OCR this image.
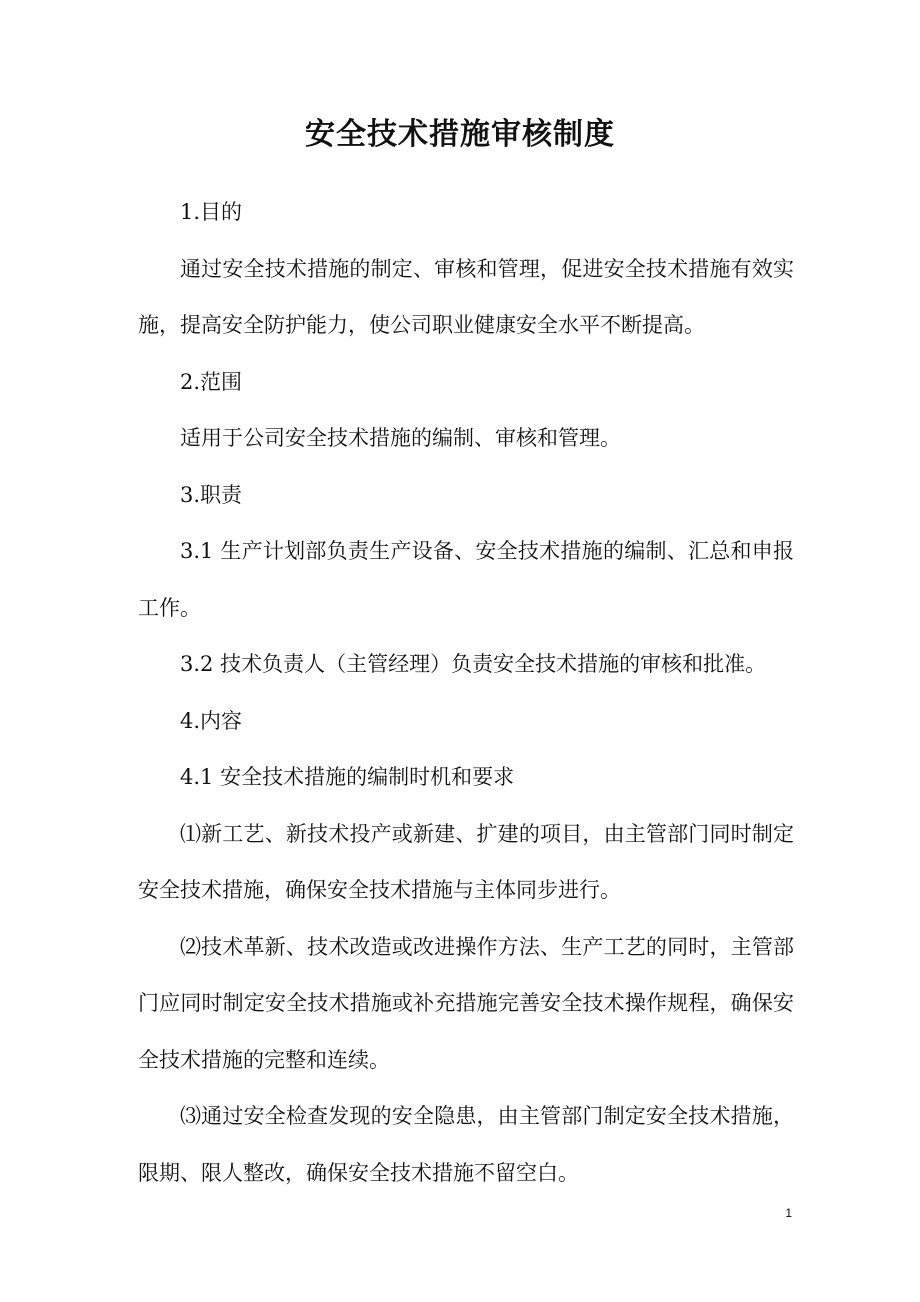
安全技术措施审核制度

1.目的

通过安全技术措施的制定、审核和管理，促进安全技术措施有效实施，提高安全防护能力，使公司职业健康安全水平不断提高。

2.范围

适用于公司安全技术措施的编制、审核和管理。

3.职责

3.1 生产计划部负责生产设备、安全技术措施的编制、汇总和申报工作。

3.2 技术负责人（主管经理）负责安全技术措施的审核和批准。

4.内容

4.1 安全技术措施的编制时机和要求

⑴新工艺、新技术投产或新建、扩建的项目，由主管部门同时制定安全技术措施，确保安全技术措施与主体同步进行。

⑵技术革新、技术改造或改进操作方法、生产工艺的同时，主管部门应同时制定安全技术措施或补充措施完善安全技术操作规程，确保安全技术措施的完整和连续。

⑶通过安全检查发现的安全隐患，由主管部门制定安全技术措施，限期、限人整改，确保安全技术措施不留空白。

1
